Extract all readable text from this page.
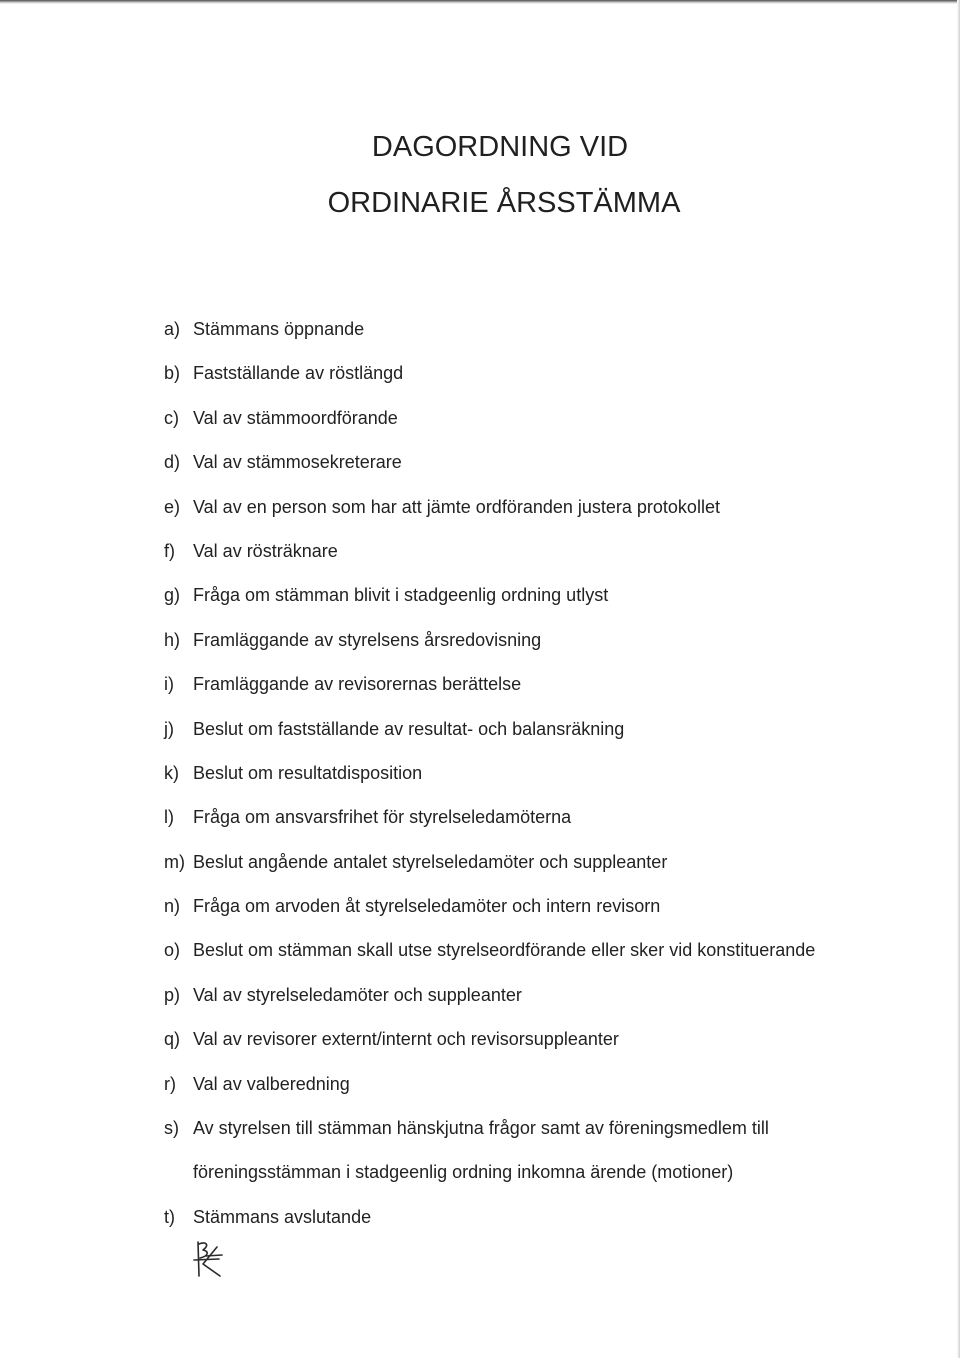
DAGORDNING VID
ORDINARIE ÅRSSTÄMMA
a) Stämmans öppnande
b) Fastställande av röstlängd
c) Val av stämmoordförande
d) Val av stämmosekreterare
e) Val av en person som har att jämte ordföranden justera protokollet
f) Val av rösträknare
g) Fråga om stämman blivit i stadgeenlig ordning utlyst
h) Framläggande av styrelsens årsredovisning
i) Framläggande av revisorernas berättelse
j) Beslut om fastställande av resultat- och balansräkning
k) Beslut om resultatdisposition
l) Fråga om ansvarsfrihet för styrelseledamöterna
m) Beslut angående antalet styrelseledamöter och suppleanter
n) Fråga om arvoden åt styrelseledamöter och intern revisorn
o) Beslut om stämman skall utse styrelseordförande eller sker vid konstituerande
p) Val av styrelseledamöter och suppleanter
q) Val av revisorer externt/internt och revisorsuppleanter
r) Val av valberedning
s) Av styrelsen till stämman hänskjutna frågor samt av föreningsmedlem till
föreningsstämman i stadgeenlig ordning inkomna ärende (motioner)
t) Stämmans avslutande
